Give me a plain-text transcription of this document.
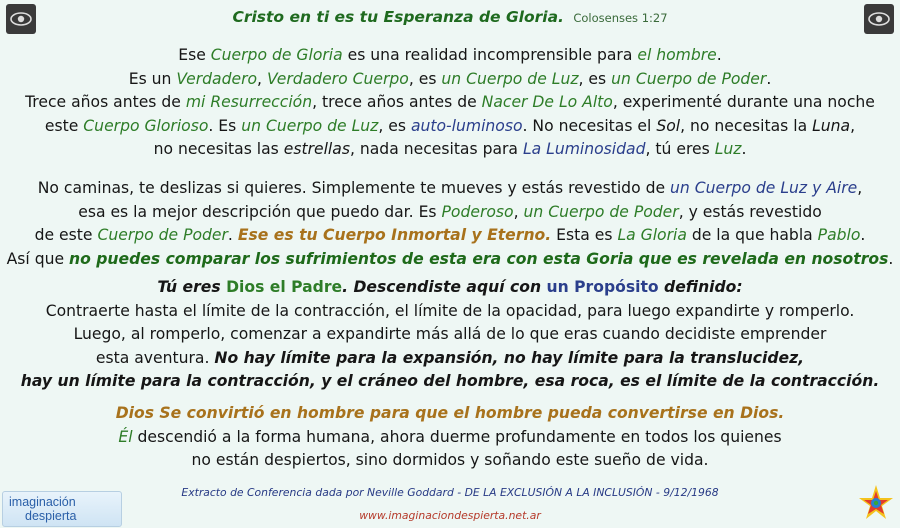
Cristo en ti es tu Esperanza de Gloria. Colosenses 1:27
Ese Cuerpo de Gloria es una realidad incomprensible para el hombre.
Es un Verdadero, Verdadero Cuerpo, es un Cuerpo de Luz, es un Cuerpo de Poder.
Trece años antes de mi Resurrección, trece años antes de Nacer De Lo Alto, experimenté durante una noche
este Cuerpo Glorioso. Es un Cuerpo de Luz, es auto-luminoso. No necesitas el Sol, no necesitas la Luna,
no necesitas las estrellas, nada necesitas para La Luminosidad, tú eres Luz.
No caminas, te deslizas si quieres. Simplemente te mueves y estás revestido de un Cuerpo de Luz y Aire,
esa es la mejor descripción que puedo dar. Es Poderoso, un Cuerpo de Poder, y estás revestido
de este Cuerpo de Poder. Ese es tu Cuerpo Inmortal y Eterno. Esta es La Gloria de la que habla Pablo.
Así que no puedes comparar los sufrimientos de esta era con esta Goria que es revelada en nosotros.
Tú eres Dios el Padre. Descendiste aquí con un Propósito definido:
Contraerte hasta el límite de la contracción, el límite de la opacidad, para luego expandirte y romperlo.
Luego, al romperlo, comenzar a expandirte más allá de lo que eras cuando decidiste emprender
esta aventura. No hay límite para la expansión, no hay límite para la translucidez,
hay un límite para la contracción, y el cráneo del hombre, esa roca, es el límite de la contracción.
Dios Se convirtió en hombre para que el hombre pueda convertirse en Dios.
Él descendió a la forma humana, ahora duerme profundamente en todos los quienes
no están despiertos, sino dormidos y soñando este sueño de vida.
Extracto de Conferencia dada por Neville Goddard - DE LA EXCLUSIÓN A LA INCLUSIÓN - 9/12/1968
www.imaginaciondespierta.net.ar
imaginación
despierta
